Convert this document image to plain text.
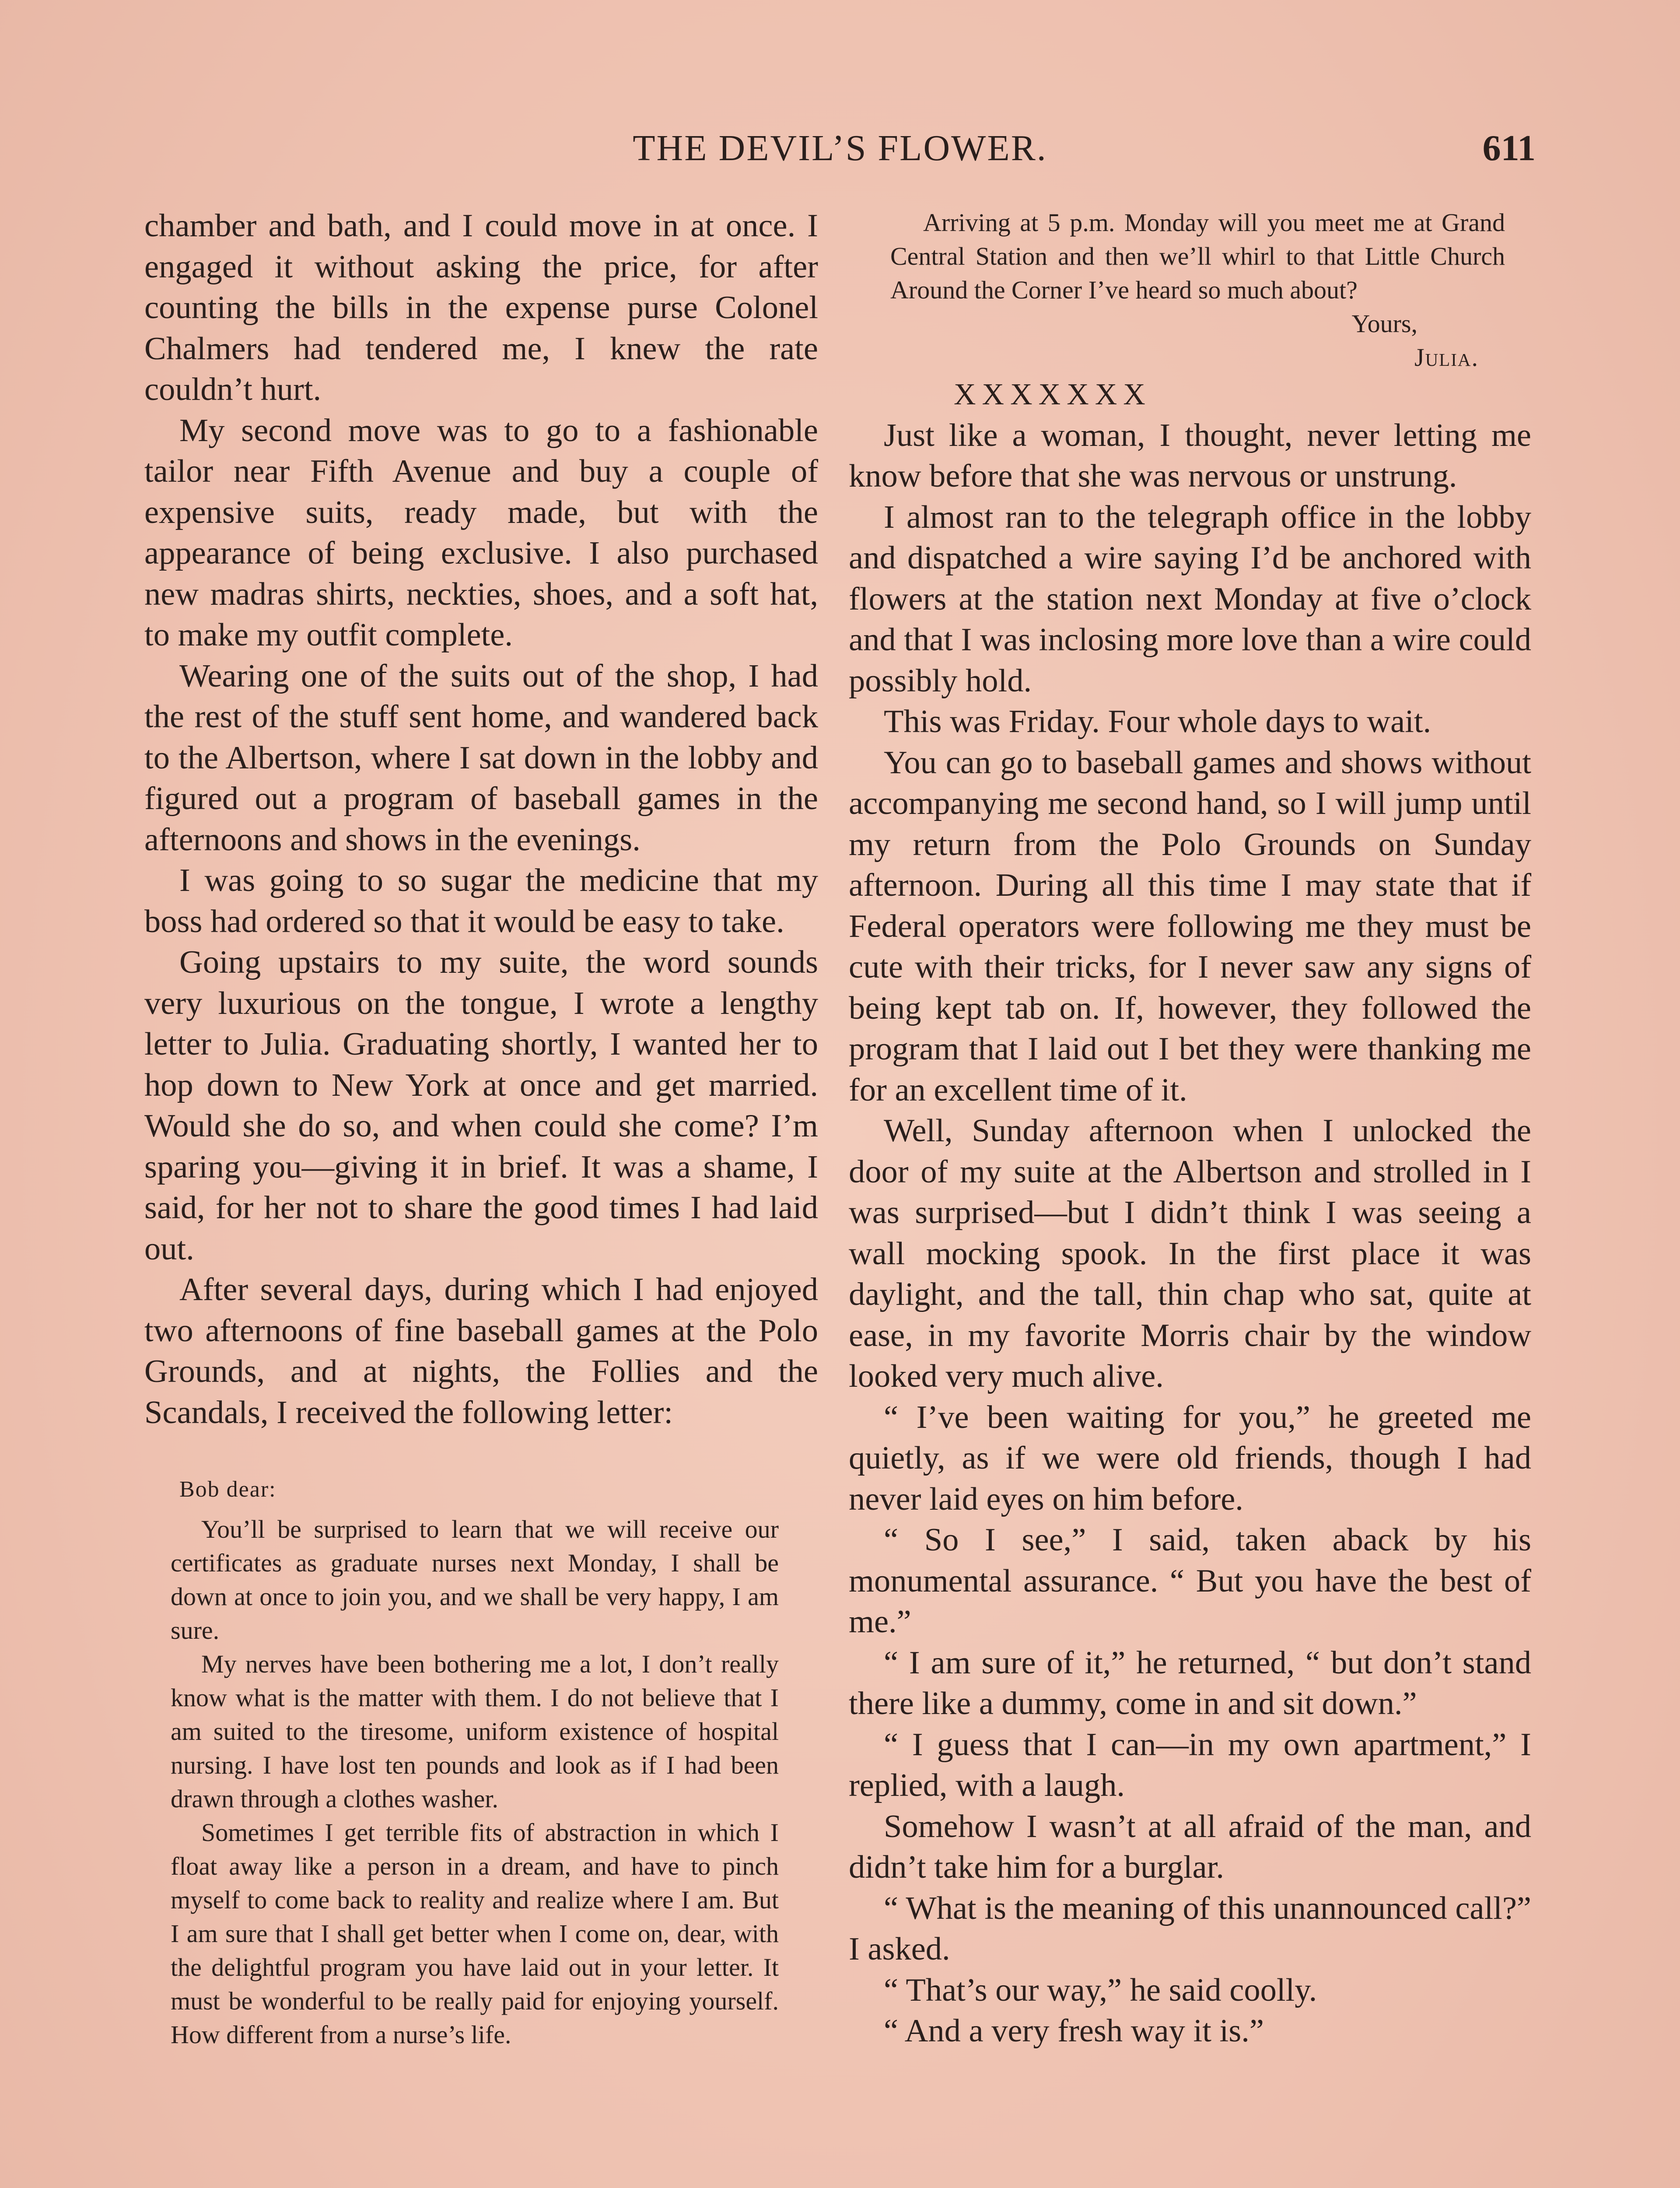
THE DEVIL’S FLOWER.	611

chamber and bath, and I could move in at once. I engaged it without asking the price, for after counting the bills in the expense purse Colonel Chalmers had tendered me, I knew the rate couldn’t hurt.

My second move was to go to a fashionable tailor near Fifth Avenue and buy a couple of expensive suits, ready made, but with the appearance of being exclusive. I also purchased new madras shirts, neckties, shoes, and a soft hat, to make my outfit complete.

Wearing one of the suits out of the shop, I had the rest of the stuff sent home, and wandered back to the Albertson, where I sat down in the lobby and figured out a program of baseball games in the afternoons and shows in the evenings.

I was going to so sugar the medicine that my boss had ordered so that it would be easy to take.

Going upstairs to my suite, the word sounds very luxurious on the tongue, I wrote a lengthy letter to Julia. Graduating shortly, I wanted her to hop down to New York at once and get married. Would she do so, and when could she come? I’m sparing you—giving it in brief. It was a shame, I said, for her not to share the good times I had laid out.

After several days, during which I had enjoyed two afternoons of fine baseball games at the Polo Grounds, and at nights, the Follies and the Scandals, I received the following letter:

Bob dear:

You’ll be surprised to learn that we will receive our certificates as graduate nurses next Monday, I shall be down at once to join you, and we shall be very happy, I am sure.

My nerves have been bothering me a lot, I don’t really know what is the matter with them. I do not believe that I am suited to the tiresome, uniform existence of hospital nursing. I have lost ten pounds and look as if I had been drawn through a clothes washer.

Sometimes I get terrible fits of abstraction in which I float away like a person in a dream, and have to pinch myself to come back to reality and realize where I am. But I am sure that I shall get better when I come on, dear, with the delightful program you have laid out in your letter. It must be wonderful to be really paid for enjoying yourself. How different from a nurse’s life.

Arriving at 5 p.m. Monday will you meet me at Grand Central Station and then we’ll whirl to that Little Church Around the Corner I’ve heard so much about?

Yours,
Julia.

XXXXXXX

Just like a woman, I thought, never letting me know before that she was nervous or unstrung.

I almost ran to the telegraph office in the lobby and dispatched a wire saying I’d be anchored with flowers at the station next Monday at five o’clock and that I was inclosing more love than a wire could possibly hold.

This was Friday. Four whole days to wait.

You can go to baseball games and shows without accompanying me second hand, so I will jump until my return from the Polo Grounds on Sunday afternoon. During all this time I may state that if Federal operators were following me they must be cute with their tricks, for I never saw any signs of being kept tab on. If, however, they followed the program that I laid out I bet they were thanking me for an excellent time of it.

Well, Sunday afternoon when I unlocked the door of my suite at the Albertson and strolled in I was surprised—but I didn’t think I was seeing a wall mocking spook. In the first place it was daylight, and the tall, thin chap who sat, quite at ease, in my favorite Morris chair by the window looked very much alive.

“ I’ve been waiting for you,” he greeted me quietly, as if we were old friends, though I had never laid eyes on him before.

“ So I see,” I said, taken aback by his monumental assurance. “ But you have the best of me.”

“ I am sure of it,” he returned, “ but don’t stand there like a dummy, come in and sit down.”

“ I guess that I can—in my own apartment,” I replied, with a laugh.

Somehow I wasn’t at all afraid of the man, and didn’t take him for a burglar.

“ What is the meaning of this unannounced call?” I asked.

“ That’s our way,” he said coolly.

“ And a very fresh way it is.”
